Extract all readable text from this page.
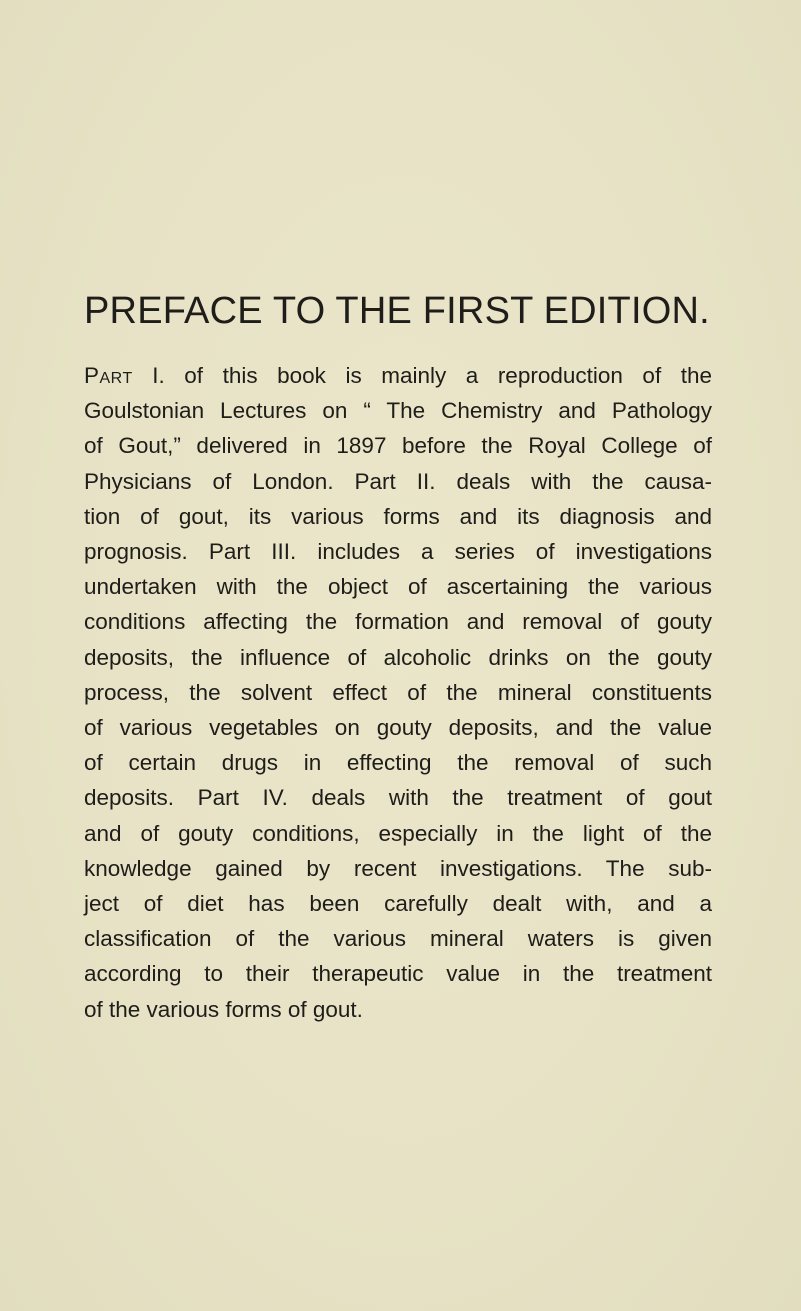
PREFACE TO THE FIRST EDITION.
Part I. of this book is mainly a reproduction of the
Goulstonian Lectures on “ The Chemistry and Pathology
of Gout,” delivered in 1897 before the Royal College of
Physicians of London. Part II. deals with the causa-
tion of gout, its various forms and its diagnosis and
prognosis. Part III. includes a series of investigations
undertaken with the object of ascertaining the various
conditions affecting the formation and removal of gouty
deposits, the influence of alcoholic drinks on the gouty
process, the solvent effect of the mineral constituents
of various vegetables on gouty deposits, and the value
of certain drugs in effecting the removal of such
deposits. Part IV. deals with the treatment of gout
and of gouty conditions, especially in the light of the
knowledge gained by recent investigations. The sub-
ject of diet has been carefully dealt with, and a
classification of the various mineral waters is given
according to their therapeutic value in the treatment
of the various forms of gout.
